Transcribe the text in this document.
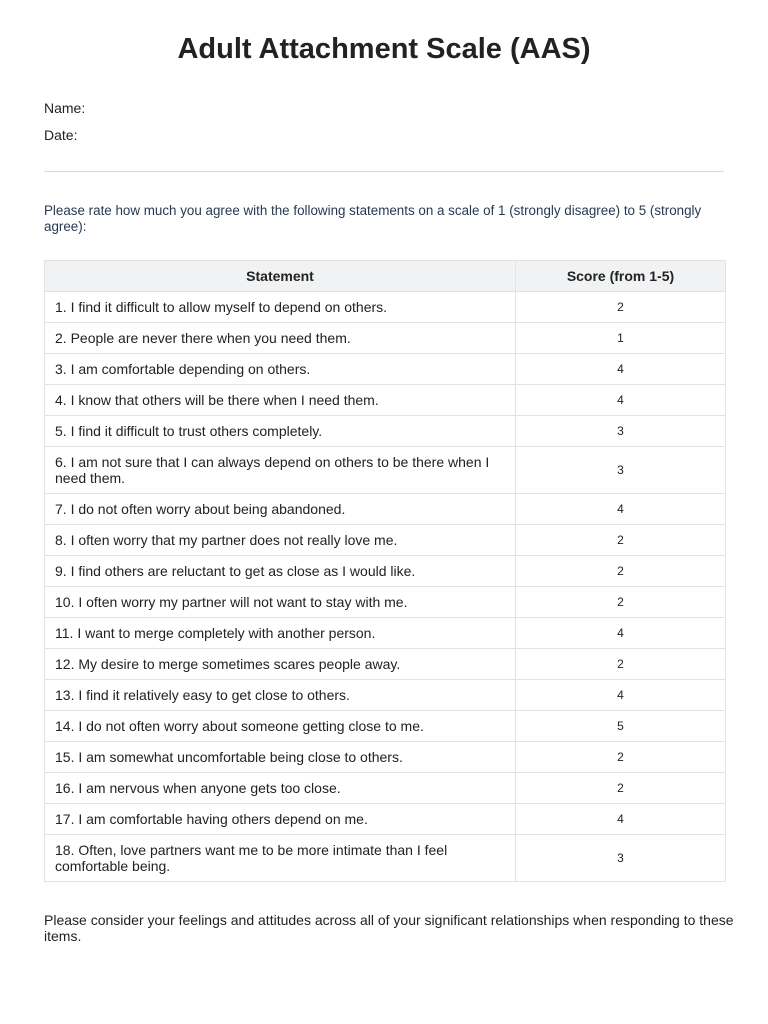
Adult Attachment Scale (AAS)
Name:
Date:

Please rate how much you agree with the following statements on a scale of 1 (strongly disagree) to 5 (strongly agree):

Statement	Score (from 1-5)
1. I find it difficult to allow myself to depend on others.	2
2. People are never there when you need them.	1
3. I am comfortable depending on others.	4
4. I know that others will be there when I need them.	4
5. I find it difficult to trust others completely.	3
6. I am not sure that I can always depend on others to be there when I need them.	3
7. I do not often worry about being abandoned.	4
8. I often worry that my partner does not really love me.	2
9. I find others are reluctant to get as close as I would like.	2
10. I often worry my partner will not want to stay with me.	2
11. I want to merge completely with another person.	4
12. My desire to merge sometimes scares people away.	2
13. I find it relatively easy to get close to others.	4
14. I do not often worry about someone getting close to me.	5
15. I am somewhat uncomfortable being close to others.	2
16. I am nervous when anyone gets too close.	2
17. I am comfortable having others depend on me.	4
18. Often, love partners want me to be more intimate than I feel comfortable being.	3

Please consider your feelings and attitudes across all of your significant relationships when responding to these items.
